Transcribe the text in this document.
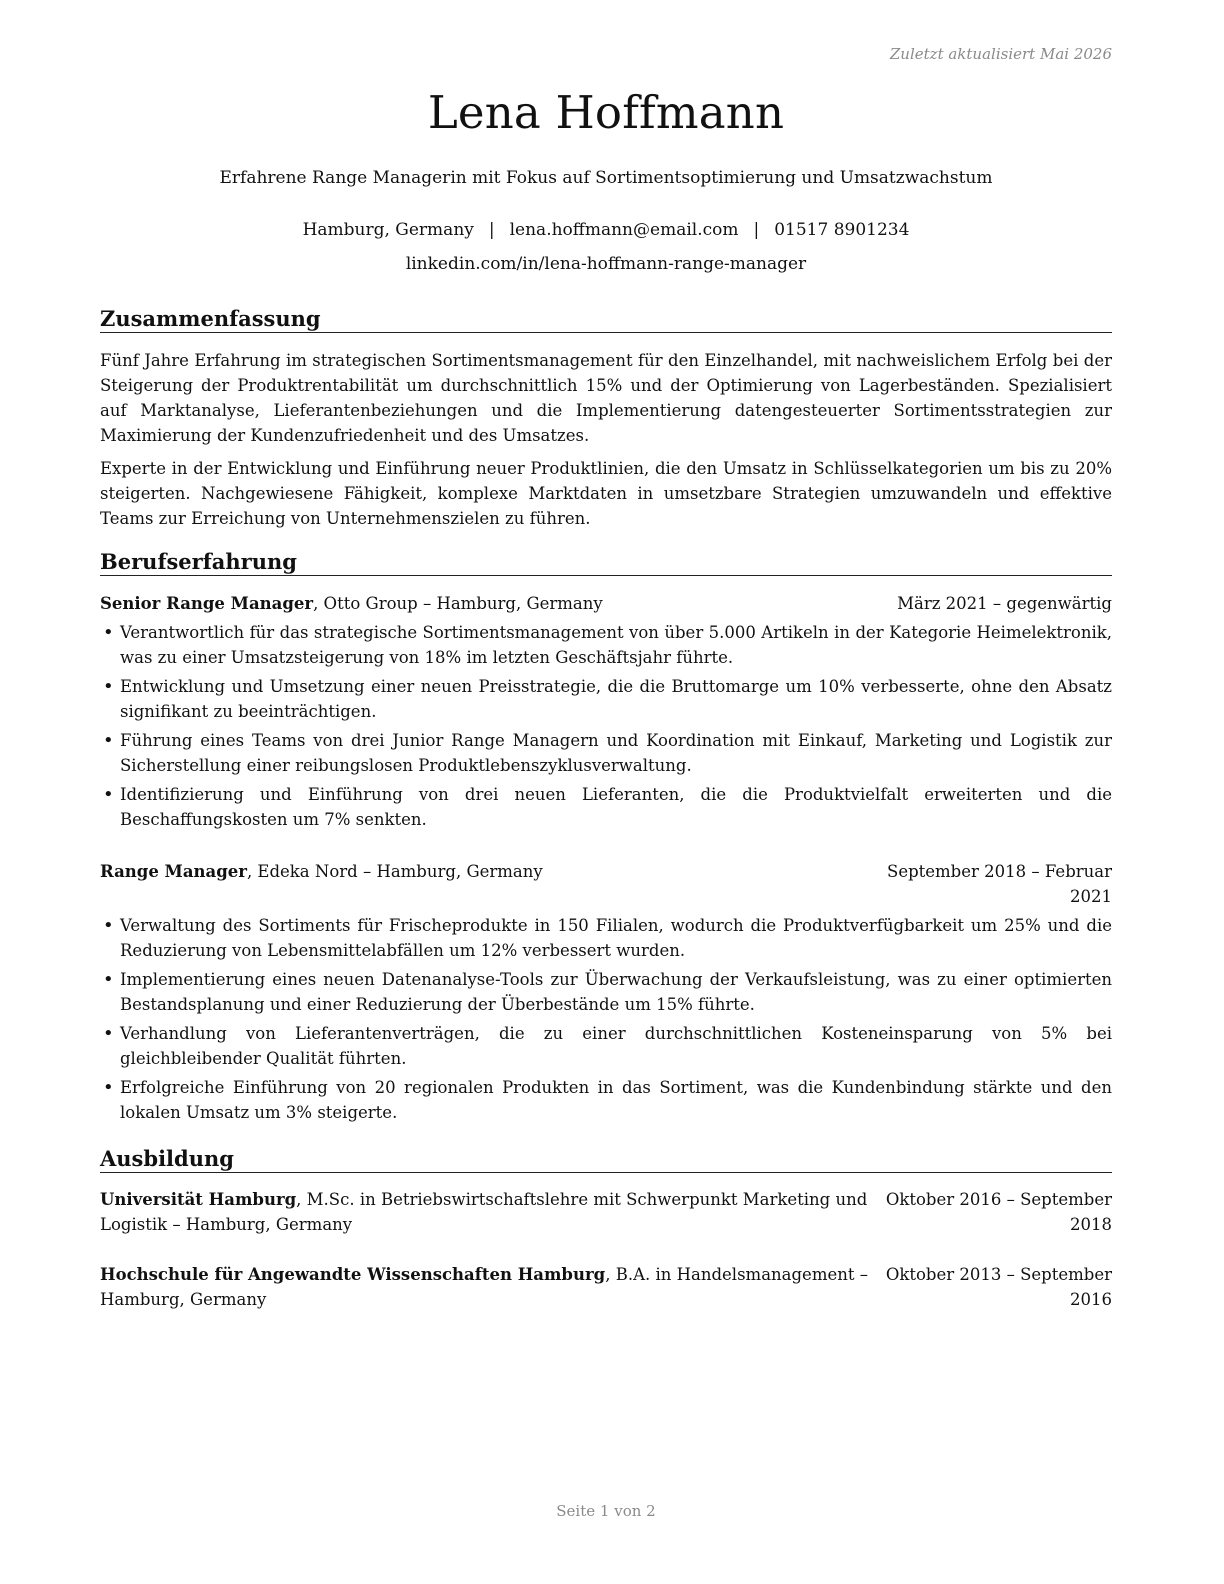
Zuletzt aktualisiert Mai 2026
Lena Hoffmann
Erfahrene Range Managerin mit Fokus auf Sortimentsoptimierung und Umsatzwachstum
Hamburg, Germany | lena.hoffmann@email.com | 01517 8901234
linkedin.com/in/lena-hoffmann-range-manager
Zusammenfassung

Fünf Jahre Erfahrung im strategischen Sortimentsmanagement für den Einzelhandel, mit nachweislichem Erfolg bei der Steigerung der Produktrentabilität um durchschnittlich 15% und der Optimierung von Lagerbeständen. Spezialisiert auf Marktanalyse, Lieferantenbeziehungen und die Implementierung datengesteuerter Sortimentsstrategien zur Maximierung der Kundenzufriedenheit und des Umsatzes.

Experte in der Entwicklung und Einführung neuer Produktlinien, die den Umsatz in Schlüsselkategorien um bis zu 20% steigerten. Nachgewiesene Fähigkeit, komplexe Marktdaten in umsetzbare Strategien umzuwandeln und effektive Teams zur Erreichung von Unternehmenszielen zu führen.

Berufserfahrung
Senior Range Manager, Otto Group – Hamburg, Germany	März 2021 – gegenwärtig
• Verantwortlich für das strategische Sortimentsmanagement von über 5.000 Artikeln in der Kategorie Heimelektronik, was zu einer Umsatzsteigerung von 18% im letzten Geschäftsjahr führte.
• Entwicklung und Umsetzung einer neuen Preisstrategie, die die Bruttomarge um 10% verbesserte, ohne den Absatz signifikant zu beeinträchtigen.
• Führung eines Teams von drei Junior Range Managern und Koordination mit Einkauf, Marketing und Logistik zur Sicherstellung einer reibungslosen Produktlebenszyklusverwaltung.
• Identifizierung und Einführung von drei neuen Lieferanten, die die Produktvielfalt erweiterten und die Beschaffungskosten um 7% senkten.
Range Manager, Edeka Nord – Hamburg, Germany	September 2018 – Februar
2021
• Verwaltung des Sortiments für Frischeprodukte in 150 Filialen, wodurch die Produktverfügbarkeit um 25% und die Reduzierung von Lebensmittelabfällen um 12% verbessert wurden.
• Implementierung eines neuen Datenanalyse-Tools zur Überwachung der Verkaufsleistung, was zu einer optimierten Bestandsplanung und einer Reduzierung der Überbestände um 15% führte.
• Verhandlung von Lieferantenverträgen, die zu einer durchschnittlichen Kosteneinsparung von 5% bei gleichbleibender Qualität führten.
• Erfolgreiche Einführung von 20 regionalen Produkten in das Sortiment, was die Kundenbindung stärkte und den lokalen Umsatz um 3% steigerte.
Ausbildung
Universität Hamburg, M.Sc. in Betriebswirtschaftslehre mit Schwerpunkt Marketing und
Logistik – Hamburg, Germany
Oktober 2016 – September
2018
Hochschule für Angewandte Wissenschaften Hamburg, B.A. in Handelsmanagement –
Hamburg, Germany
Oktober 2013 – September
2016
Seite 1 von 2
